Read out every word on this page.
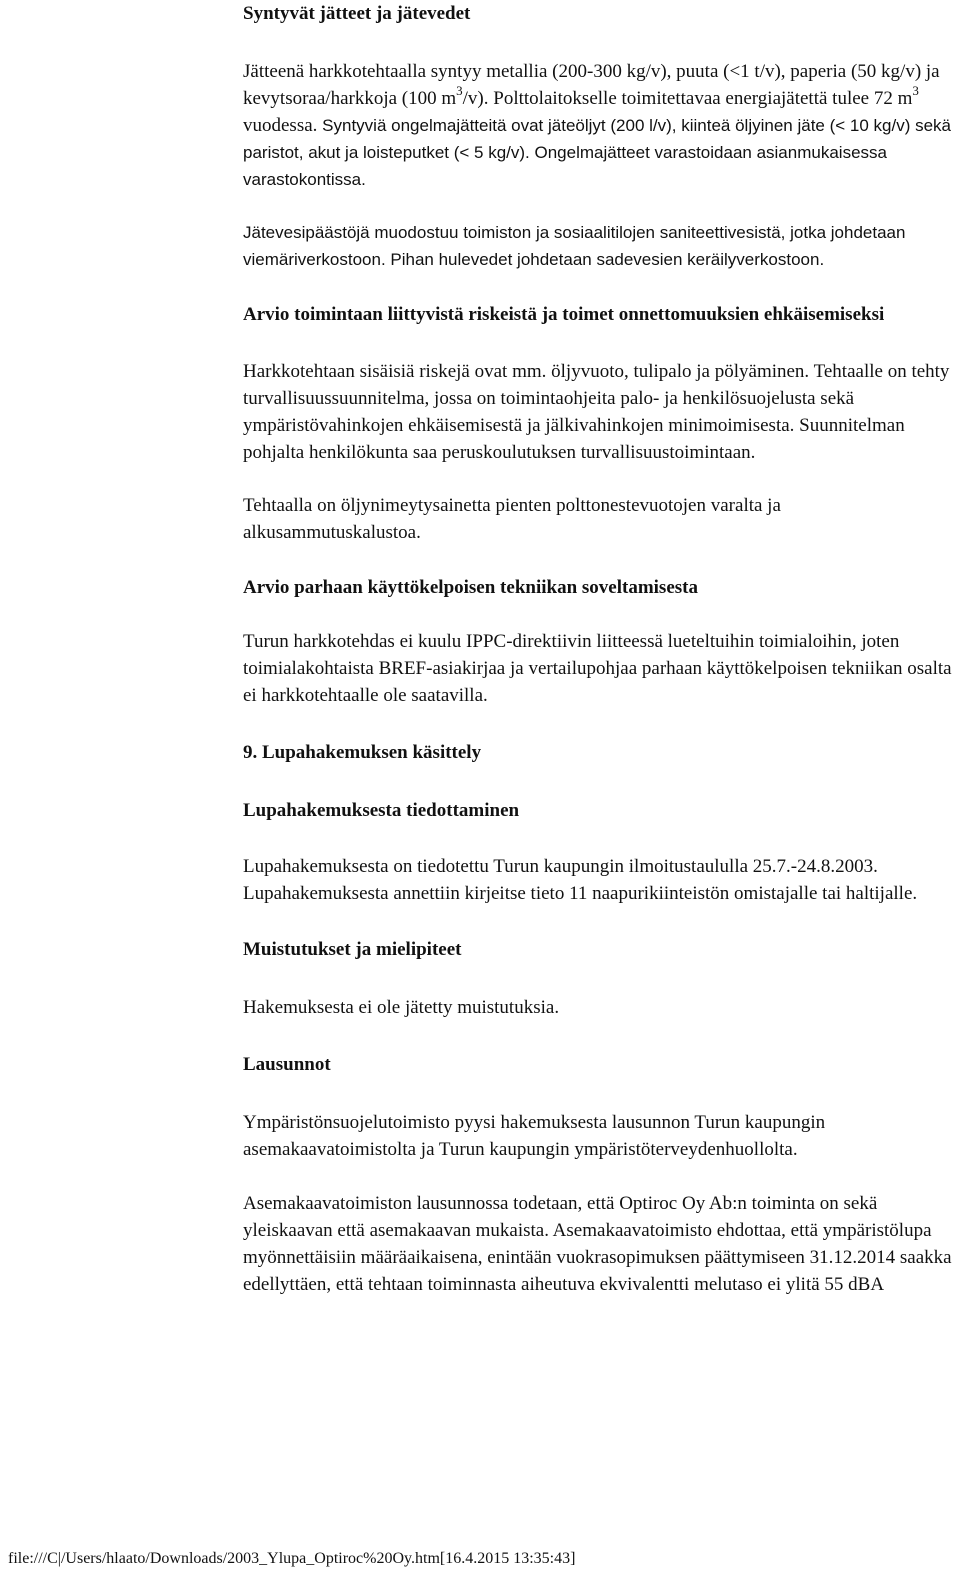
Syntyvät jätteet ja jätevedet

Jätteenä harkkotehtaalla syntyy metallia (200-300 kg/v), puuta (<1 t/v), paperia (50 kg/v) ja kevytsoraa/harkkoja (100 $m^3/v$). Polttolaitokselle toimitettavaa energiajätettä tulee 72 $m^3$ vuodessa. Syntyviä ongelmajätteitä ovat jäteöljyt (200 l/v), kiinteä öljyinen jäte (< 10 kg/v) sekä paristot, akut ja loisteputket (< 5 kg/v). Ongelmajätteet varastoidaan asianmukaisessa varastokontissa.

Jätevesipäästöjä muodostuu toimiston ja sosiaalitilojen saniteettivesistä, jotka johdetaan viemäriverkostoon. Pihan hulevedet johdetaan sadevesien keräilyverkostoon.

Arvio toimintaan liittyvistä riskeistä ja toimet onnettomuuksien ehkäisemiseksi

Harkkotehtaan sisäisiä riskejä ovat mm. öljyvuoto, tulipalo ja pölyäminen. Tehtaalle on tehty turvallisuussuunnitelma, jossa on toimintaohjeita palo- ja henkilösuojelusta sekä ympäristövahinkojen ehkäisemisestä ja jälkivahinkojen minimoimisesta. Suunnitelman pohjalta henkilökunta saa peruskoulutuksen turvallisuustoimintaan.

Tehtaalla on öljynimeytysainetta pienten polttonestevuotojen varalta ja alkusammutuskalustoa.

Arvio parhaan käyttökelpoisen tekniikan soveltamisesta

Turun harkkotehdas ei kuulu IPPC-direktiivin liitteessä lueteltuihin toimialoihin, joten toimialakohtaista BREF-asiakirjaa ja vertailupohjaa parhaan käyttökelpoisen tekniikan osalta ei harkkotehtaalle ole saatavilla.

9. Lupahakemuksen käsittely
Lupahakemuksesta tiedottaminen

Lupahakemuksesta on tiedotettu Turun kaupungin ilmoitustaululla 25.7.-24.8.2003. Lupahakemuksesta annettiin kirjeitse tieto 11 naapurikiinteistön omistajalle tai haltijalle.

Muistutukset ja mielipiteet

Hakemuksesta ei ole jätetty muistutuksia.

Lausunnot

Ympäristönsuojelutoimisto pyysi hakemuksesta lausunnon Turun kaupungin asemakaavatoimistolta ja Turun kaupungin ympäristöterveydenhuollolta.

Asemakaavatoimiston lausunnossa todetaan, että Optiroc Oy Ab:n toiminta on sekä yleiskaavan että asemakaavan mukaista. Asemakaavatoimisto ehdottaa, että ympäristölupa myönnettäisiin määräaikaisena, enintään vuokrasopimuksen päättymiseen 31.12.2014 saakka edellyttäen, että tehtaan toiminnasta aiheutuva ekvivalentti melutaso ei ylitä 55 dBA

file:///C|/Users/hlaato/Downloads/2003_Ylupa_Optiroc%20Oy.htm[16.4.2015 13:35:43]
